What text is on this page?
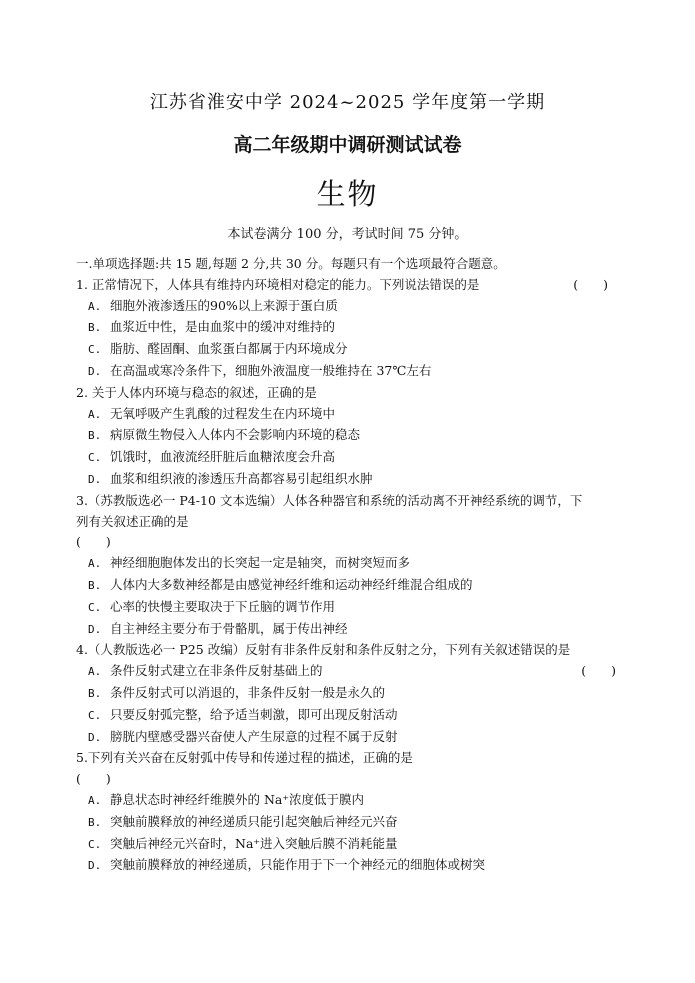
江苏省淮安中学 2024~2025 学年度第一学期
高二年级期中调研测试试卷
生物
本试卷满分 100 分，考试时间 75 分钟。
一.单项选择题:共 15 题,每题 2 分,共 30 分。每题只有一个选项最符合题意。
1. 正常情况下，人体具有维持内环境相对稳定的能力。下列说法错误的是	(　　)
A. 细胞外液渗透压的90%以上来源于蛋白质
B. 血浆近中性，是由血浆中的缓冲对维持的
C. 脂肪、醛固酮、血浆蛋白都属于内环境成分
D. 在高温或寒冷条件下，细胞外液温度一般维持在 37℃左右
2. 关于人体内环境与稳态的叙述，正确的是
A. 无氧呼吸产生乳酸的过程发生在内环境中
B. 病原微生物侵入人体内不会影响内环境的稳态
C. 饥饿时，血液流经肝脏后血糖浓度会升高
D. 血浆和组织液的渗透压升高都容易引起组织水肿
3.（苏教版选必一 P4-10 文本选编）人体各种器官和系统的活动离不开神经系统的调节，下
列有关叙述正确的是
(　　)
A. 神经细胞胞体发出的长突起一定是轴突，而树突短而多
B. 人体内大多数神经都是由感觉神经纤维和运动神经纤维混合组成的
C. 心率的快慢主要取决于下丘脑的调节作用
D. 自主神经主要分布于骨骼肌，属于传出神经
4.（人教版选必一 P25 改编）反射有非条件反射和条件反射之分，下列有关叙述错误的是
A. 条件反射式建立在非条件反射基础上的	(　　)
B. 条件反射式可以消退的，非条件反射一般是永久的
C. 只要反射弧完整，给予适当刺激，即可出现反射活动
D. 膀胱内壁感受器兴奋使人产生尿意的过程不属于反射
5.下列有关兴奋在反射弧中传导和传递过程的描述，正确的是
(　　)
A. 静息状态时神经纤维膜外的 Na⁺浓度低于膜内
B. 突触前膜释放的神经递质只能引起突触后神经元兴奋
C. 突触后神经元兴奋时，Na⁺进入突触后膜不消耗能量
D. 突触前膜释放的神经递质，只能作用于下一个神经元的细胞体或树突
